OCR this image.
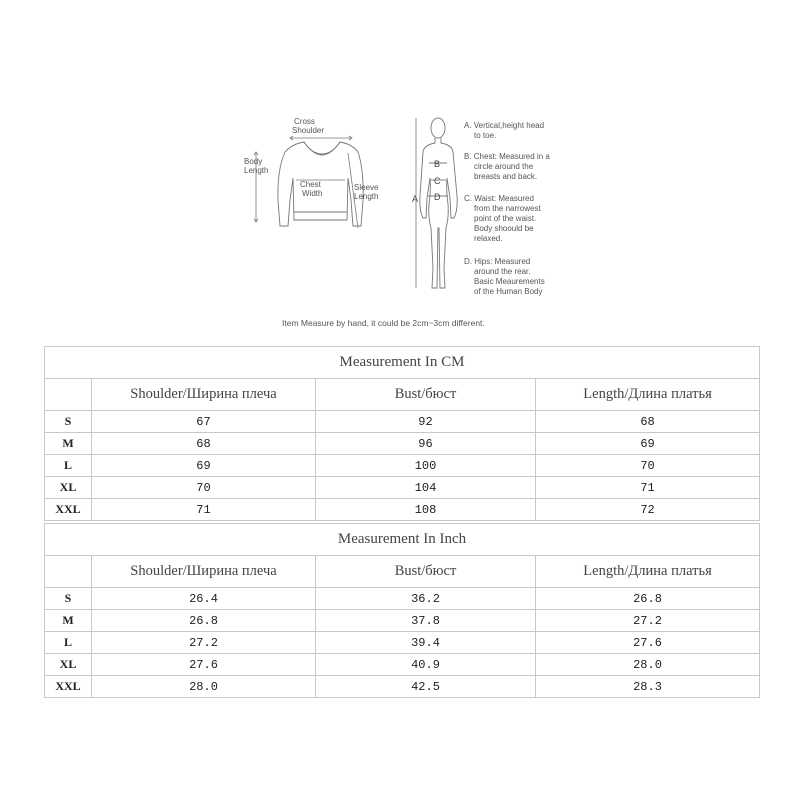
Cross
Shoulder
Body
Length
Chest
Width
Sleeve
Length	A
B
C
D
A. Vertical,height head
to toe.
B. Chest: Measured in a
circle around the
breasts and back.
C. Waist: Measured
from the narrowest
point of the waist.
Body shoould be
relaxed.
D. Hips: Measured
around the rear.
Basic Meaurements
of the Human Body
Item Measure by hand, it could be 2cm~3cm different.
Measurement In CM			
	Shoulder/Ширина плеча	Bust/бюст	Length/Длина платья
S	67	92	68
M	68	96	69
L	69	100	70
XL	70	104	71
XXL	71	108	72
Measurement In Inch			
	Shoulder/Ширина плеча	Bust/бюст	Length/Длина платья
S	26.4	36.2	26.8
M	26.8	37.8	27.2
L	27.2	39.4	27.6
XL	27.6	40.9	28.0
XXL	28.0	42.5	28.3
